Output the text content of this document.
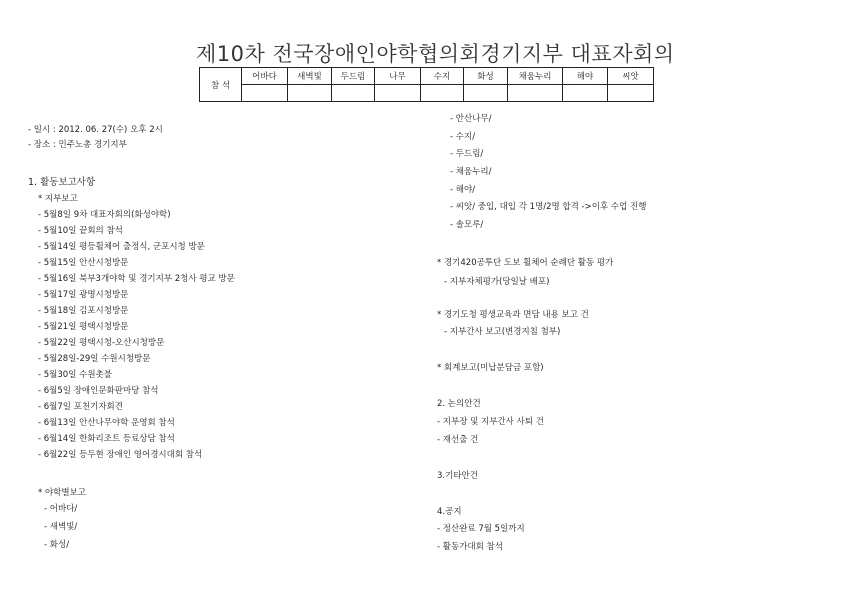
제10차 전국장애인야학협의회경기지부 대표자회의
참 석	어바다	새벽빛	두드림	나무	수지	화성	채움누리	해야	씨앗

- 일시 : 2012. 06. 27(수) 오후 2시
- 장소 : 민주노총 경기지부
1. 활동보고사항
* 지부보고
- 5월8일 9차 대표자회의(화성야학)
- 5월10일 끝회의 참석
- 5월14일 평등휠체어 출정식, 군포시청 방문
- 5월15일 안산시청방문
- 5월16일 북부3개야학 및 경기지부 2청사 평교 방문
- 5월17일 광명시청방문
- 5월18일 김포시청방문
- 5월21일 평택시청방문
- 5월22일 평택시청-오산시청방문
- 5월28일-29일 수원시청방문
- 5월30일 수원촛불
- 6월5일 장애인문화판마당 참석
- 6월7일 포천기자회견
- 6월13일 안산나무야학 운영회 참석
- 6월14일 한화리조트 등료상담 참석
- 6월22일 등두현 장애인 영어경시대회 참석
* 야학별보고
- 어바다/
- 새벽빛/
- 화성/
- 안산나무/
- 수지/
- 두드림/
- 채움누리/
- 해야/
- 씨앗/ 중입, 대입 각 1명/2명 합격 ->이후 수업 진행
- 솔모루/
* 경기420공투단 도보 휠체어 순례단 활동 평가
- 지부자체평가(당일날 배포)
* 경기도청 평생교육과 면담 내용 보고 건
- 지부간사 보고(변경지침 첨부)
* 회계보고(미납분담금 포함)
2. 논의안건
- 지부장 및 지부간사 사퇴 건
- 재선출 건
3.기타안건
4.공지
- 정산완료 7월 5일까지
- 활동가대회 참석
